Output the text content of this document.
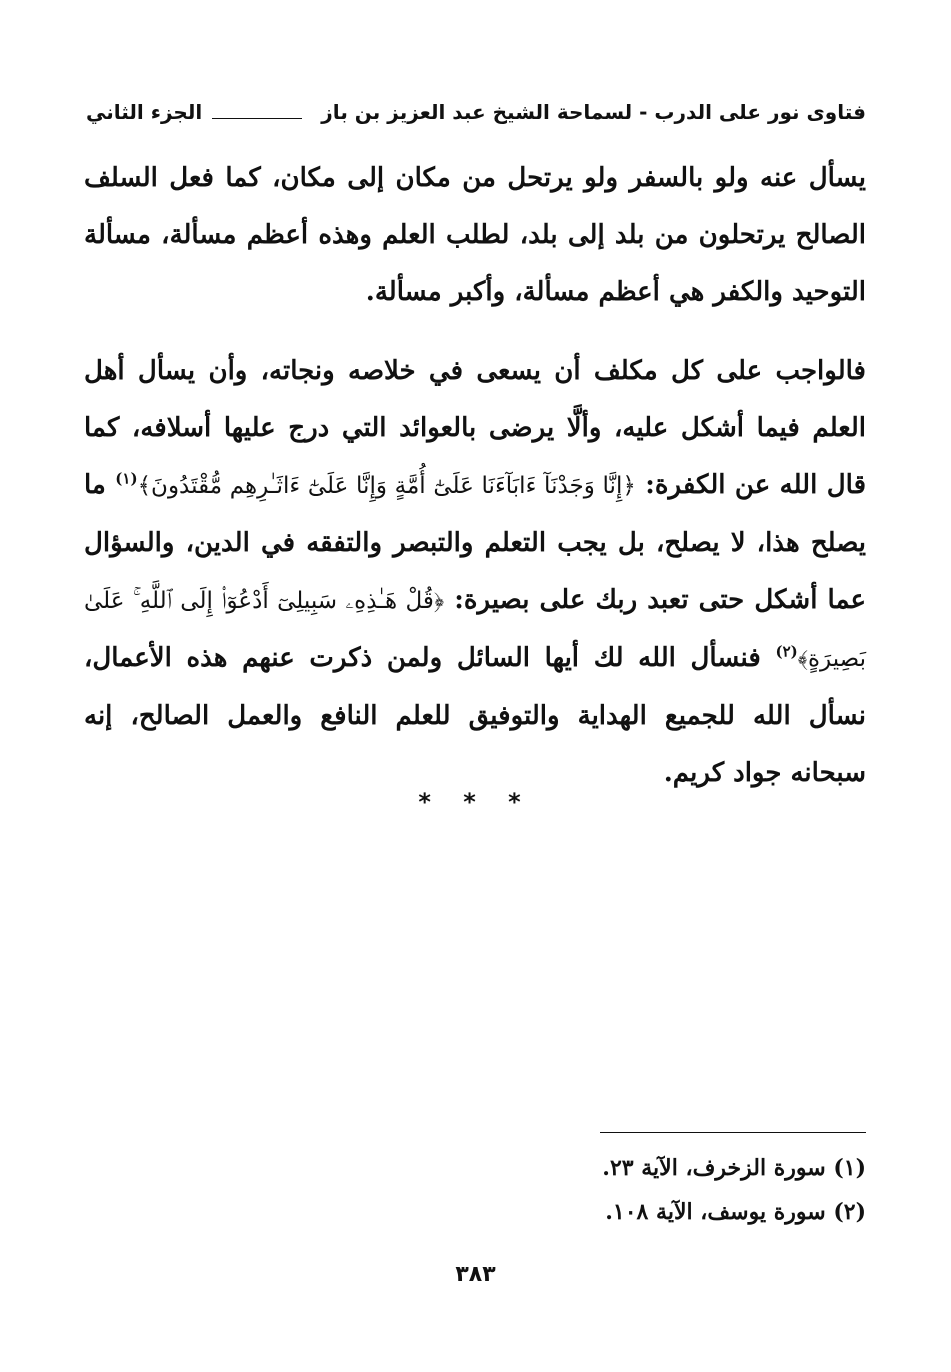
فتاوى نور على الدرب - لسماحة الشيخ عبد العزيز بن باز
الجزء الثاني

يسأل عنه ولو بالسفر ولو يرتحل من مكان إلى مكان، كما فعل السلف الصالح يرتحلون من بلد إلى بلد، لطلب العلم وهذه أعظم مسألة، مسألة التوحيد والكفر هي أعظم مسألة، وأكبر مسألة.

فالواجب على كل مكلف أن يسعى في خلاصه ونجاته، وأن يسأل أهل العلم فيما أشكل عليه، وألَّا يرضى بالعوائد التي درج عليها أسلافه، كما قال الله عن الكفرة: ﴿إِنَّا وَجَدْنَآ ءَابَآءَنَا عَلَىٰٓ أُمَّةٍ وَإِنَّا عَلَىٰٓ ءَاثَـٰرِهِم مُّقْتَدُونَ﴾$^{(١)}$ ما يصلح هذا، لا يصلح، بل يجب التعلم والتبصر والتفقه في الدين، والسؤال عما أشكل حتى تعبد ربك على بصيرة: ﴿قُلْ هَـٰذِهِۦ سَبِيلِىٓ أَدْعُوٓا۟ إِلَى ٱللَّهِ ۚ عَلَىٰ بَصِيرَةٍ﴾$^{(٢)}$ فنسأل الله لك أيها السائل ولمن ذكرت عنهم هذه الأعمال، نسأل الله للجميع الهداية والتوفيق للعلم النافع والعمل الصالح، إنه سبحانه جواد كريم.

* * *
(١) سورة الزخرف، الآية ٢٣.
(٢) سورة يوسف، الآية ١٠٨.
٣٨٣
